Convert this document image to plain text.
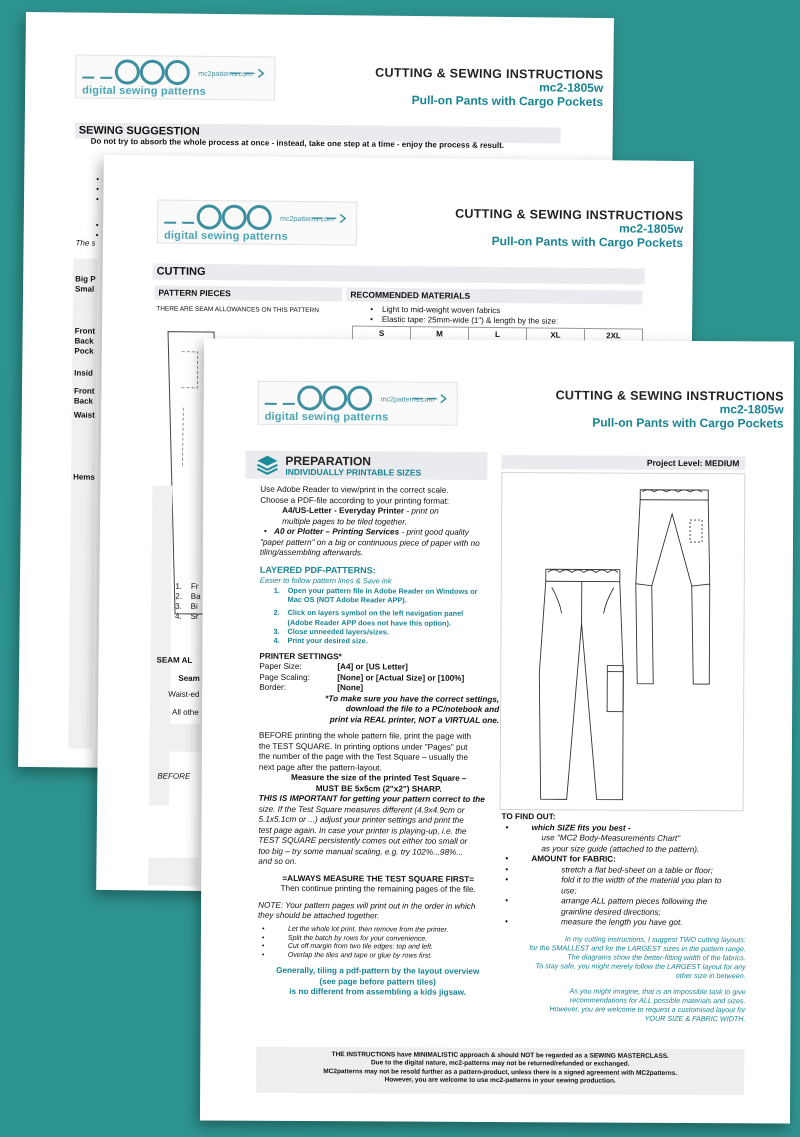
mc2patterns.com
digital sewing patterns
CUTTING & SEWING INSTRUCTIONS
mc2-1805w
Pull-on Pants with Cargo Pockets
SEWING SUGGESTION
Do not try to absorb the whole process at once - instead, take one step at a time - enjoy the process & result.
•
•
•
•
•
The s
Big P
Smal
Front
Back
Pock
Insid
Front
Back
Waist
Hems
mc2patterns.com
digital sewing patterns
CUTTING & SEWING INSTRUCTIONS
mc2-1805w
Pull-on Pants with Cargo Pockets
CUTTING
PATTERN PIECES	RECOMMENDED MATERIALS
THERE ARE SEAM ALLOWANCES ON THIS PATTERN	•    Light to mid-weight woven fabrics
•    Elastic tape: 25mm-wide (1") & length by the size:
S	M	L	XL	2XL
1.    Fr
2.    Ba
3.    Bi
4.    Sr
SEAM AL
Seam
Waist-ed
All othe
BEFORE
mc2patterns.com
digital sewing patterns
CUTTING & SEWING INSTRUCTIONS
mc2-1805w
Pull-on Pants with Cargo Pockets
PREPARATION
INDIVIDUALLY PRINTABLE SIZES
Project Level: MEDIUM

Use Adobe Reader to view/print in the correct scale.

Choose a PDF-file according to your printing format:

A4/US-Letter - Everyday Printer - print on

multiple pages to be tiled together.

• A0 or Plotter – Printing Services - print good quality

"paper pattern" on a big or continuous piece of paper with no

tiling/assembling afterwards.

LAYERED PDF-PATTERNS:

Easier to follow pattern lines & Save ink

1. Open your pattern file in Adobe Reader on Windows or

Mac OS (NOT Adobe Reader APP).

2. Click on layers symbol on the left navigation panel

(Adobe Reader APP does not have this option).

3. Close unneeded layers/sizes.

4. Print your desired size.

PRINTER SETTINGS*

Paper Size:	[A4] or [US Letter]

Page Scaling:	[None] or [Actual Size] or [100%]

Border:	[None]

*To make sure you have the correct settings,

download the file to a PC/notebook and

print via REAL printer, NOT a VIRTUAL one.

BEFORE printing the whole pattern file, print the page with

the TEST SQUARE. In printing options under "Pages" put

the number of the page with the Test Square – usually the

next page after the pattern-layout.

Measure the size of the printed Test Square –

MUST BE 5x5cm (2"x2") SHARP.

THIS IS IMPORTANT for getting your pattern correct to the

size. If the Test Square measures different (4.9x4.9cm or

5.1x5.1cm or ...) adjust your printer settings and print the

test page again. In case your printer is playing-up, i.e. the

TEST SQUARE persistently comes out either too small or

too big – try some manual scaling, e.g. try 102%...98%...

and so on.

=ALWAYS MEASURE THE TEST SQUARE FIRST=

Then continue printing the remaining pages of the file.

NOTE: Your pattern pages will print out in the order in which

they should be attached together.

• Let the whole lot print, then remove from the printer.

• Split the batch by rows for your convenience.

• Cut off margin from two tile edges: top and left.

• Overlap the tiles and tape or glue by rows first.

Generally, tiling a pdf-pattern by the layout overview

(see page before pattern tiles)

is no different from assembling a kids jigsaw.

TO FIND OUT:

• which SIZE fits you best -

use "MC2 Body-Measurements Chart"

as your size guide (attached to the pattern).

• AMOUNT for FABRIC:

• stretch a flat bed-sheet on a table or floor;

• fold it to the width of the material you plan to

use;

• arrange ALL pattern pieces following the

grainline desired directions;

• measure the length you have got.

In my cutting instructions, I suggest TWO cutting layouts:

for the SMALLEST and for the LARGEST sizes in the pattern range.

The diagrams show the better-fitting width of the fabrics.

To stay safe, you might merely follow the LARGEST layout for any

other size in between.

As you might imagine, that is an impossible task to give

recommendations for ALL possible materials and sizes.

However, you are welcome to request a customised layout for

YOUR SIZE & FABRIC WIDTH.

THE INSTRUCTIONS have MINIMALISTIC approach & should NOT be regarded as a SEWING MASTERCLASS.

Due to the digital nature, mc2-patterns may not be returned/refunded or exchanged.

MC2patterns may not be resold further as a pattern-product, unless there is a signed agreement with MC2patterns.

However, you are welcome to use mc2-patterns in your sewing production.
